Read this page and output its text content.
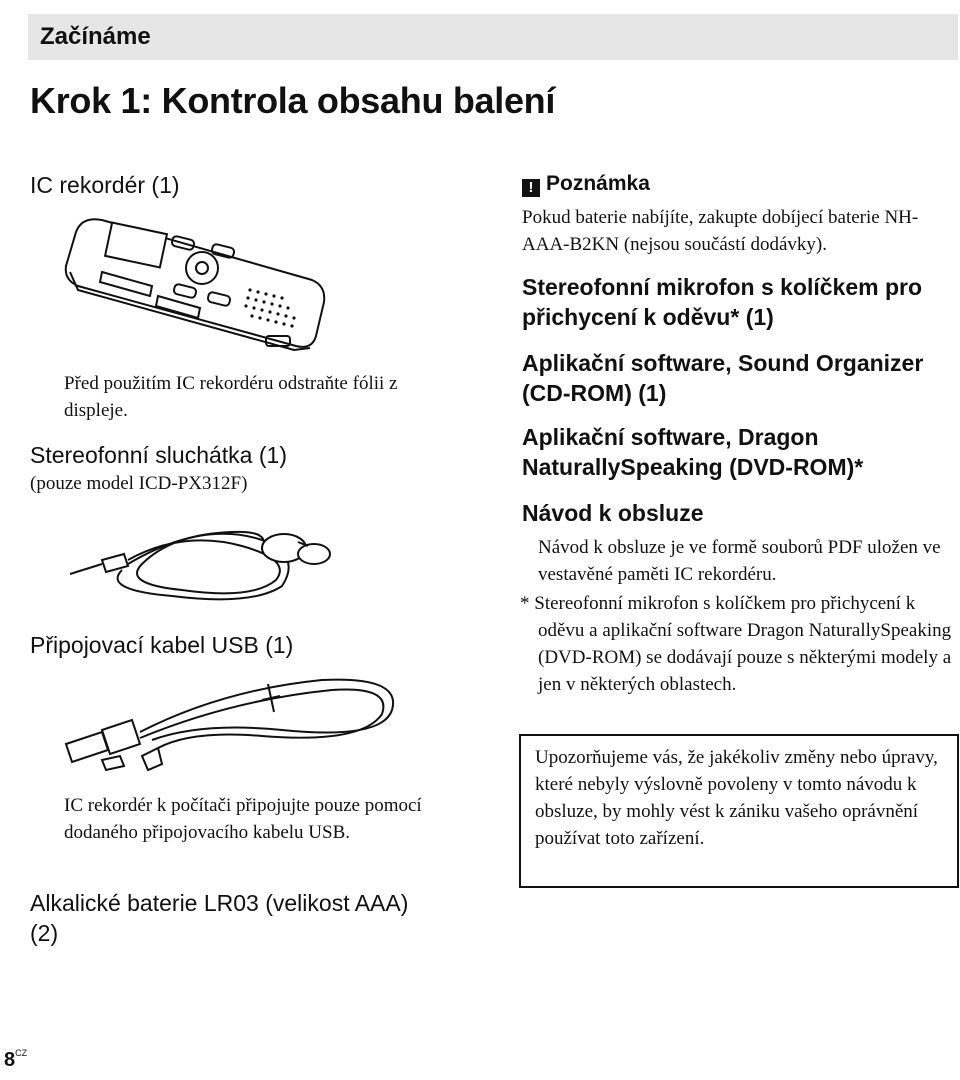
Začínáme
Krok 1: Kontrola obsahu balení
IC rekordér (1)

Před použitím IC rekordéru odstraňte fólii z displeje.

Stereofonní sluchátka (1)

(pouze model ICD-PX312F)

Připojovací kabel USB (1)

IC rekordér k počítači připojujte pouze pomocí dodaného připojovacího kabelu USB.

Alkalické baterie LR03 (velikost AAA) (2)
! Poznámka

Pokud baterie nabíjíte, zakupte dobíjecí baterie NH-AAA-B2KN (nejsou součástí dodávky).

Stereofonní mikrofon s kolíčkem pro přichycení k oděvu* (1)
Aplikační software, Sound Organizer (CD-ROM) (1)
Aplikační software, Dragon NaturallySpeaking (DVD-ROM)*
Návod k obsluze

Návod k obsluze je ve formě souborů PDF uložen ve vestavěné paměti IC rekordéru.

* Stereofonní mikrofon s kolíčkem pro přichycení k oděvu a aplikační software Dragon NaturallySpeaking (DVD-ROM) se dodávají pouze s některými modely a jen v některých oblastech.

Upozorňujeme vás, že jakékoliv změny nebo úpravy, které nebyly výslovně povoleny v tomto návodu k obsluze, by mohly vést k zániku vašeho oprávnění používat toto zařízení.

$8^{CZ}$
